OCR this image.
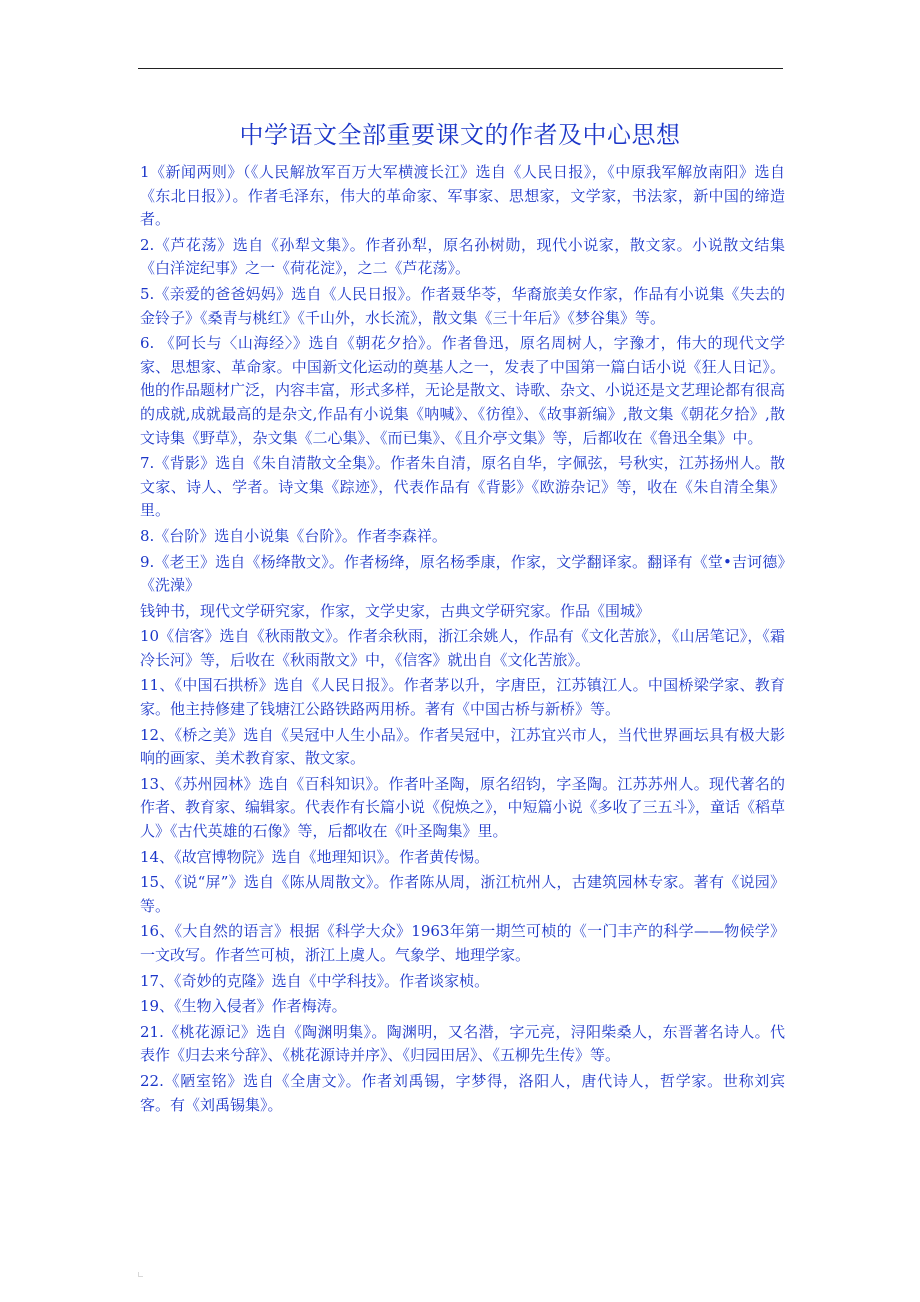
中学语文全部重要课文的作者及中心思想

1《新闻两则》（《人民解放军百万大军横渡长江》选自《人民日报》，《中原我军解放南阳》选自《东北日报》）。作者毛泽东，伟大的革命家、军事家、思想家，文学家，书法家，新中国的缔造者。

2.《芦花荡》选自《孙犁文集》。作者孙犁，原名孙树勋，现代小说家，散文家。小说散文结集《白洋淀纪事》之一《荷花淀》，之二《芦花荡》。

5.《亲爱的爸爸妈妈》选自《人民日报》。作者聂华苓，华裔旅美女作家，作品有小说集《失去的金铃子》《桑青与桃红》《千山外，水长流》，散文集《三十年后》《梦谷集》等。

6. 《阿长与〈山海经〉》选自《朝花夕拾》。作者鲁迅，原名周树人，字豫才，伟大的现代文学家、思想家、革命家。中国新文化运动的奠基人之一，发表了中国第一篇白话小说《狂人日记》。他的作品题材广泛，内容丰富，形式多样，无论是散文、诗歌、杂文、小说还是文艺理论都有很高的成就,成就最高的是杂文,作品有小说集《呐喊》、《彷徨》、《故事新编》,散文集《朝花夕拾》,散文诗集《野草》，杂文集《二心集》、《而已集》、《且介亭文集》等，后都收在《鲁迅全集》中。

7.《背影》选自《朱自清散文全集》。作者朱自清，原名自华，字佩弦，号秋实，江苏扬州人。散文家、诗人、学者。诗文集《踪迹》，代表作品有《背影》《欧游杂记》等，收在《朱自清全集》里。

8.《台阶》选自小说集《台阶》。作者李森祥。

9.《老王》选自《杨绛散文》。作者杨绛，原名杨季康，作家，文学翻译家。翻译有《堂•吉诃德》《洗澡》

钱钟书，现代文学研究家，作家，文学史家，古典文学研究家。作品《围城》

10《信客》选自《秋雨散文》。作者余秋雨，浙江余姚人，作品有《文化苦旅》，《山居笔记》，《霜冷长河》等，后收在《秋雨散文》中，《信客》就出自《文化苦旅》。

11、《中国石拱桥》选自《人民日报》。作者茅以升，字唐臣，江苏镇江人。中国桥梁学家、教育家。他主持修建了钱塘江公路铁路两用桥。著有《中国古桥与新桥》等。

12、《桥之美》选自《吴冠中人生小品》。作者吴冠中，江苏宜兴市人，当代世界画坛具有极大影响的画家、美术教育家、散文家。

13、《苏州园林》选自《百科知识》。作者叶圣陶，原名绍钧，字圣陶。江苏苏州人。现代著名的作者、教育家、编辑家。代表作有长篇小说《倪焕之》，中短篇小说《多收了三五斗》，童话《稻草人》《古代英雄的石像》等，后都收在《叶圣陶集》里。

14、《故宫博物院》选自《地理知识》。作者黄传惕。

15、《说“屏”》选自《陈从周散文》。作者陈从周，浙江杭州人，古建筑园林专家。著有《说园》等。

16、《大自然的语言》根据《科学大众》1963年第一期竺可桢的《一门丰产的科学——物候学》一文改写。作者竺可桢，浙江上虞人。气象学、地理学家。

17、《奇妙的克隆》选自《中学科技》。作者谈家桢。

19、《生物入侵者》作者梅涛。

21.《桃花源记》选自《陶渊明集》。陶渊明，又名潜，字元亮，浔阳柴桑人，东晋著名诗人。代表作《归去来兮辞》、《桃花源诗并序》、《归园田居》、《五柳先生传》等。

22.《陋室铭》选自《全唐文》。作者刘禹锡，字梦得，洛阳人，唐代诗人，哲学家。世称刘宾客。有《刘禹锡集》。
